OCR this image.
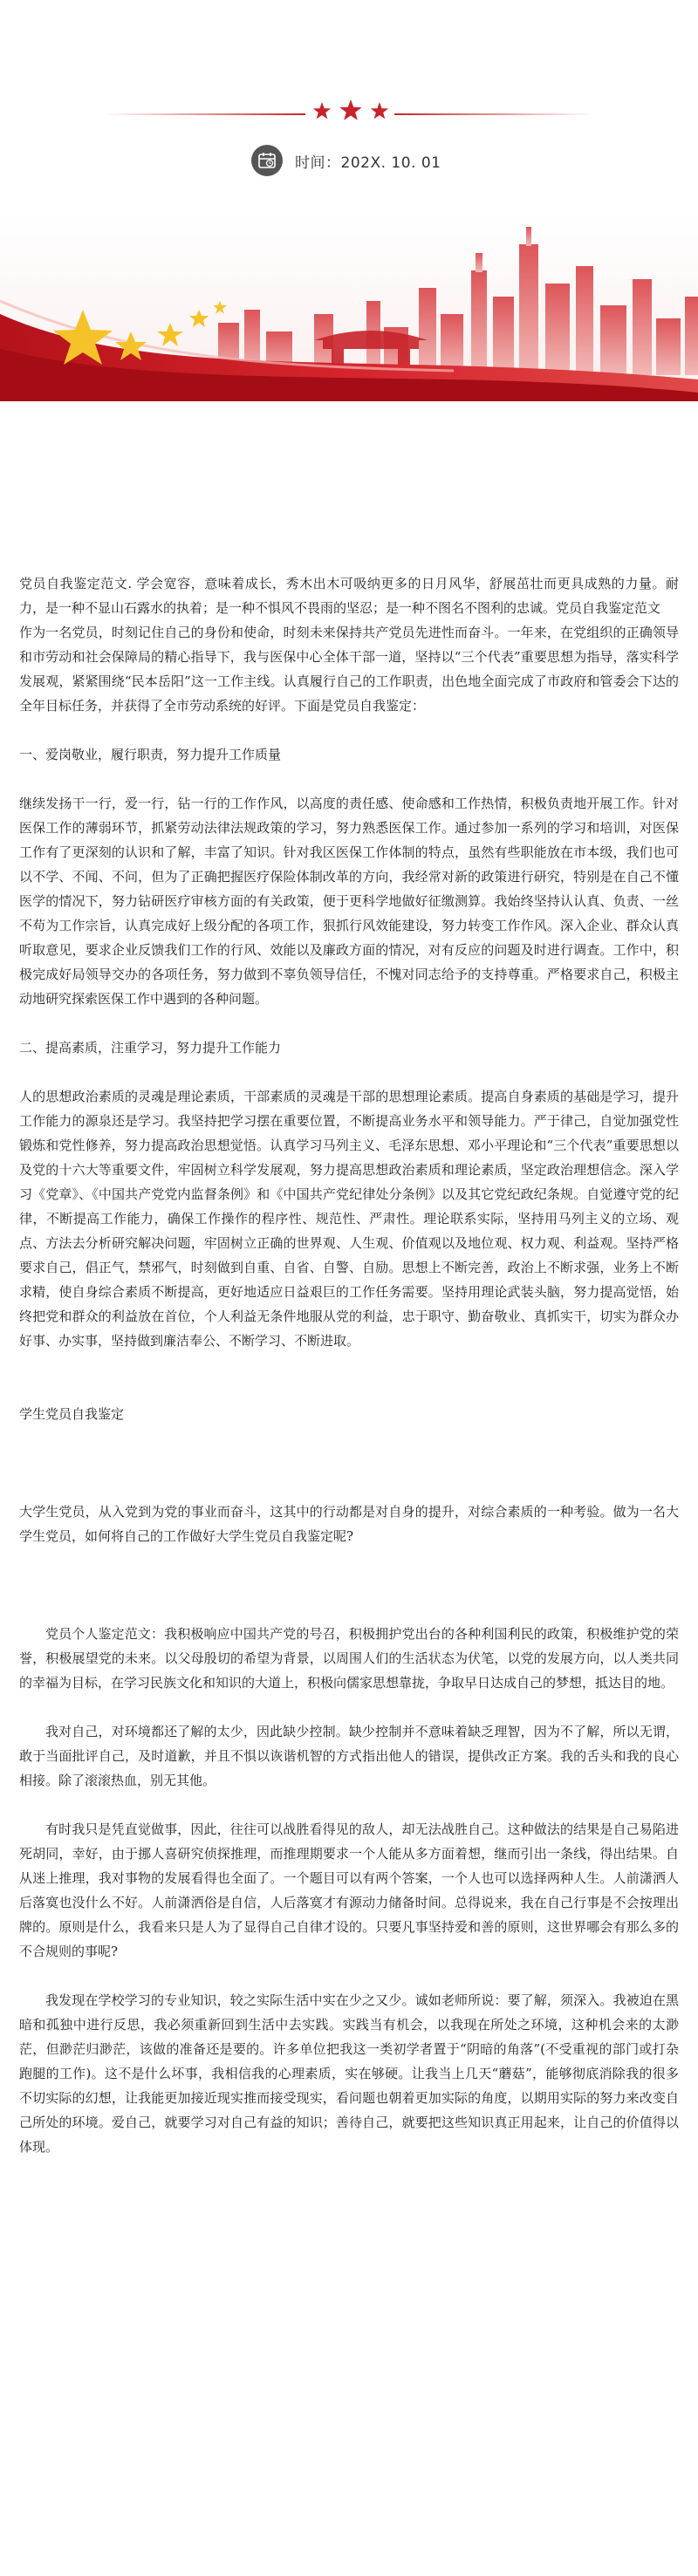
时间：202X. 10. 01

党员自我鉴定范文. 学会宽容，意味着成长，秀木出木可吸纳更多的日月风华，舒展茁壮而更具成熟的力量。耐力，是一种不显山石露水的执着；是一种不惧风不畏雨的坚忍；是一种不图名不图利的忠诚。党员自我鉴定范文

作为一名党员，时刻记住自己的身份和使命，时刻未来保持共产党员先进性而奋斗。一年来，在党组织的正确领导和市劳动和社会保障局的精心指导下，我与医保中心全体干部一道，坚持以“三个代表”重要思想为指导，落实科学发展观，紧紧围绕“民本岳阳”这一工作主线。认真履行自己的工作职责，出色地全面完成了市政府和管委会下达的全年目标任务，并获得了全市劳动系统的好评。下面是党员自我鉴定：

一、爱岗敬业，履行职责，努力提升工作质量

继续发扬干一行，爱一行，钻一行的工作作风，以高度的责任感、使命感和工作热情，积极负责地开展工作。针对医保工作的薄弱环节，抓紧劳动法律法规政策的学习，努力熟悉医保工作。通过参加一系列的学习和培训，对医保工作有了更深刻的认识和了解，丰富了知识。针对我区医保工作体制的特点，虽然有些职能放在市本级，我们也可以不学、不闻、不问，但为了正确把握医疗保险体制改革的方向，我经常对新的政策进行研究，特别是在自己不懂医学的情况下，努力钻研医疗审核方面的有关政策，便于更科学地做好征缴测算。我始终坚持认认真、负责、一丝不苟为工作宗旨，认真完成好上级分配的各项工作，狠抓行风效能建设，努力转变工作作风。深入企业、群众认真听取意见，要求企业反馈我们工作的行风、效能以及廉政方面的情况，对有反应的问题及时进行调查。工作中，积极完成好局领导交办的各项任务，努力做到不辜负领导信任，不愧对同志给予的支持尊重。严格要求自己，积极主动地研究探索医保工作中遇到的各种问题。

二、提高素质，注重学习，努力提升工作能力

人的思想政治素质的灵魂是理论素质，干部素质的灵魂是干部的思想理论素质。提高自身素质的基础是学习，提升工作能力的源泉还是学习。我坚持把学习摆在重要位置，不断提高业务水平和领导能力。严于律己，自觉加强党性锻炼和党性修养，努力提高政治思想觉悟。认真学习马列主义、毛泽东思想、邓小平理论和“三个代表”重要思想以及党的十六大等重要文件，牢固树立科学发展观，努力提高思想政治素质和理论素质，坚定政治理想信念。深入学习《党章》、《中国共产党党内监督条例》和《中国共产党纪律处分条例》以及其它党纪政纪条规。自觉遵守党的纪律，不断提高工作能力，确保工作操作的程序性、规范性、严肃性。理论联系实际，坚持用马列主义的立场、观点、方法去分析研究解决问题，牢固树立正确的世界观、人生观、价值观以及地位观、权力观、利益观。坚持严格要求自己，倡正气，禁邪气，时刻做到自重、自省、自警、自励。思想上不断完善，政治上不断求强，业务上不断求精，使自身综合素质不断提高，更好地适应日益艰巨的工作任务需要。坚持用理论武装头脑，努力提高觉悟，始终把党和群众的利益放在首位，个人利益无条件地服从党的利益，忠于职守、勤奋敬业、真抓实干，切实为群众办好事、办实事，坚持做到廉洁奉公、不断学习、不断进取。

学生党员自我鉴定

大学生党员，从入党到为党的事业而奋斗，这其中的行动都是对自身的提升，对综合素质的一种考验。做为一名大学生党员，如何将自己的工作做好大学生党员自我鉴定呢?

党员个人鉴定范文：我积极响应中国共产党的号召，积极拥护党出台的各种利国利民的政策，积极维护党的荣誉，积极展望党的未来。以父母殷切的希望为背景，以周围人们的生活状态为伏笔，以党的发展方向，以人类共同的幸福为目标，在学习民族文化和知识的大道上，积极向儒家思想靠拢，争取早日达成自己的梦想，抵达目的地。

我对自己，对环境都还了解的太少，因此缺少控制。缺少控制并不意味着缺乏理智，因为不了解，所以无谓，敢于当面批评自己，及时道歉，并且不惧以诙谐机智的方式指出他人的错误，提供改正方案。我的舌头和我的良心相接。除了滚滚热血，别无其他。

有时我只是凭直觉做事，因此，往往可以战胜看得见的敌人，却无法战胜自己。这种做法的结果是自己易陷进死胡同，幸好，由于挪人喜研究侦探推理，而推理期要求一个人能从多方面着想，继而引出一条线，得出结果。自从迷上推理，我对事物的发展看得也全面了。一个题目可以有两个答案，一个人也可以选择两种人生。人前潇洒人后落寞也没什么不好。人前潇洒俗是自信，人后落寞才有源动力储备时间。总得说来，我在自己行事是不会按理出牌的。原则是什么，我看来只是人为了显得自己自律才设的。只要凡事坚持爱和善的原则，这世界哪会有那么多的不合规则的事呢?

我发现在学校学习的专业知识，较之实际生活中实在少之又少。诚如老师所说：要了解，须深入。我被迫在黑暗和孤独中进行反思，我必须重新回到生活中去实践。实践当有机会，以我现在所处之环境，这种机会来的太渺茫，但渺茫归渺茫，该做的准备还是要的。许多单位把我这一类初学者置于“阴暗的角落”(不受重视的部门或打杂跑腿的工作)。这不是什么坏事，我相信我的心理素质，实在够硬。让我当上几天“蘑菇”，能够彻底消除我的很多不切实际的幻想，让我能更加接近现实推而接受现实，看问题也朝着更加实际的角度，以期用实际的努力来改变自己所处的环境。爱自己，就要学习对自己有益的知识；善待自己，就要把这些知识真正用起来，让自己的价值得以体现。
